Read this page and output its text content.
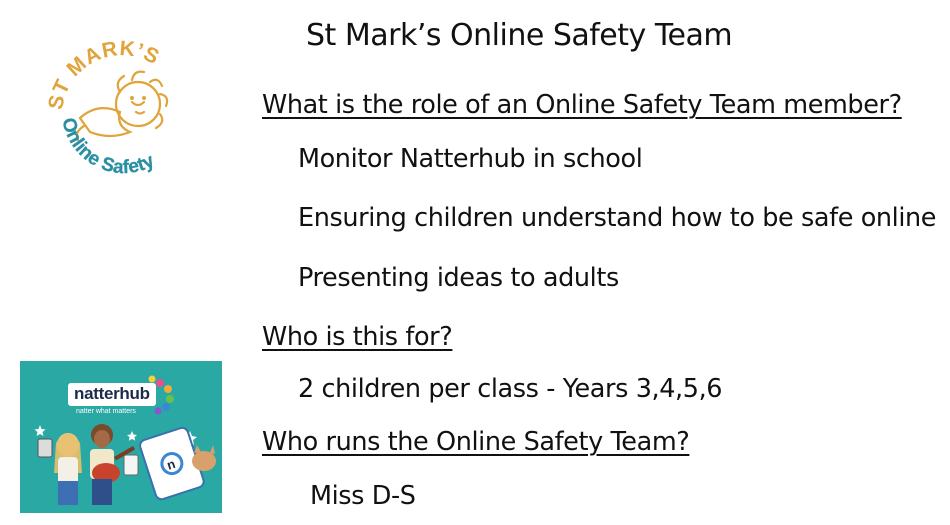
ST MARK’S
Online Safety
St Mark’s Online Safety Team
What is the role of an Online Safety Team member?
Monitor Natterhub in school
Ensuring children understand how to be safe online
Presenting ideas to adults
Who is this for?
2 children per class - Years 3,4,5,6
Who runs the Online Safety Team?
Miss D-S
n
natterhub
natter what matters
